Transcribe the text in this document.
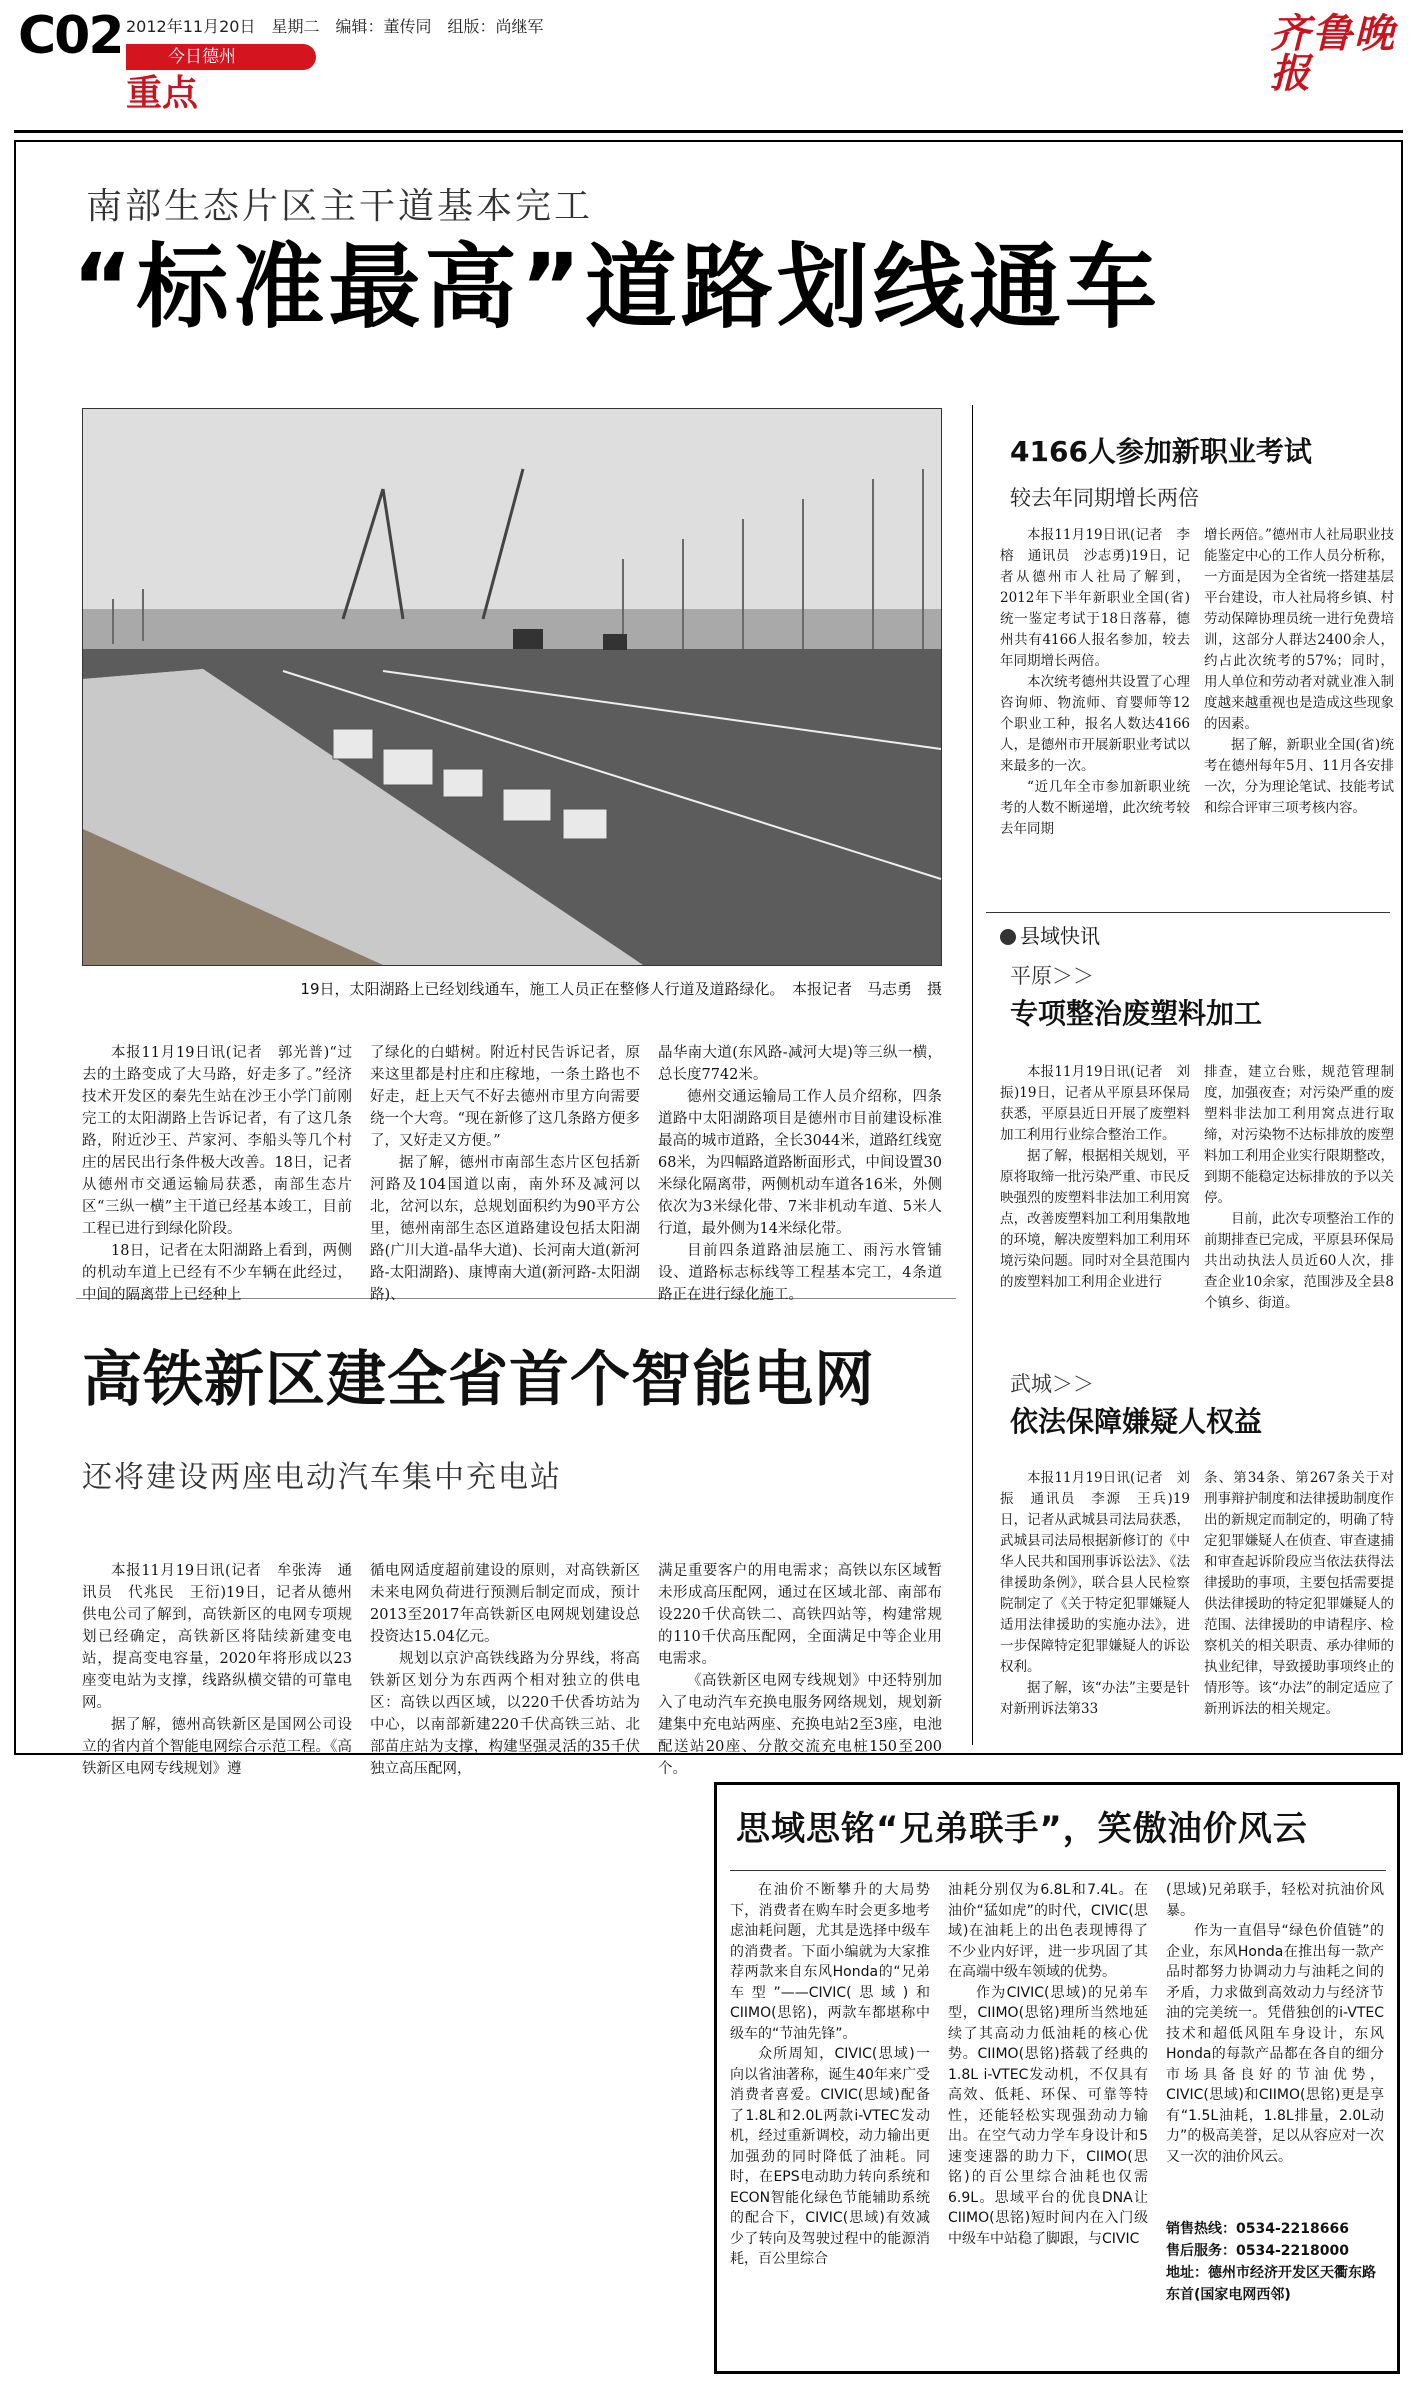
C02 2012年11月20日　星期二　编辑：董传同　组版：尚继军
今日德州
重点
齐鲁晚报
南部生态片区主干道基本完工
“标准最高”道路划线通车
19日，太阳湖路上已经划线通车，施工人员正在整修人行道及道路绿化。　本报记者　马志勇　摄

本报11月19日讯(记者　郭光普)“过去的土路变成了大马路，好走多了。”经济技术开发区的秦先生站在沙王小学门前刚完工的太阳湖路上告诉记者，有了这几条路，附近沙王、芦家河、李船头等几个村庄的居民出行条件极大改善。18日，记者从德州市交通运输局获悉，南部生态片区“三纵一横”主干道已经基本竣工，目前工程已进行到绿化阶段。

18日，记者在太阳湖路上看到，两侧的机动车道上已经有不少车辆在此经过，中间的隔离带上已经种上

了绿化的白蜡树。附近村民告诉记者，原来这里都是村庄和庄稼地，一条土路也不好走，赶上天气不好去德州市里方向需要绕一个大弯。“现在新修了这几条路方便多了，又好走又方便。”

据了解，德州市南部生态片区包括新河路及104国道以南，南外环及减河以北，岔河以东，总规划面积约为90平方公里，德州南部生态区道路建设包括太阳湖路(广川大道-晶华大道)、长河南大道(新河路-太阳湖路)、康博南大道(新河路-太阳湖路)、

晶华南大道(东风路-减河大堤)等三纵一横，总长度7742米。

德州交通运输局工作人员介绍称，四条道路中太阳湖路项目是德州市目前建设标准最高的城市道路，全长3044米，道路红线宽68米，为四幅路道路断面形式，中间设置30米绿化隔离带，两侧机动车道各16米，外侧依次为3米绿化带、7米非机动车道、5米人行道，最外侧为14米绿化带。

目前四条道路油层施工、雨污水管铺设、道路标志标线等工程基本完工，4条道路正在进行绿化施工。

高铁新区建全省首个智能电网
还将建设两座电动汽车集中充电站

本报11月19日讯(记者　牟张涛　通讯员　代兆民　王衍)19日，记者从德州供电公司了解到，高铁新区的电网专项规划已经确定，高铁新区将陆续新建变电站，提高变电容量，2020年将形成以23座变电站为支撑，线路纵横交错的可靠电网。

据了解，德州高铁新区是国网公司设立的省内首个智能电网综合示范工程。《高铁新区电网专线规划》遵

循电网适度超前建设的原则，对高铁新区未来电网负荷进行预测后制定而成，预计2013至2017年高铁新区电网规划建设总投资达15.04亿元。

规划以京沪高铁线路为分界线，将高铁新区划分为东西两个相对独立的供电区：高铁以西区域，以220千伏香坊站为中心，以南部新建220千伏高铁三站、北部苗庄站为支撑，构建坚强灵活的35千伏独立高压配网，

满足重要客户的用电需求；高铁以东区域暂未形成高压配网，通过在区域北部、南部布设220千伏高铁二、高铁四站等，构建常规的110千伏高压配网，全面满足中等企业用电需求。

《高铁新区电网专线规划》中还特别加入了电动汽车充换电服务网络规划，规划新建集中充电站两座、充换电站2至3座，电池配送站20座、分散交流充电桩150至200个。

4166人参加新职业考试
较去年同期增长两倍

本报11月19日讯(记者　李榕　通讯员　沙志勇)19日，记者从德州市人社局了解到，2012年下半年新职业全国(省)统一鉴定考试于18日落幕，德州共有4166人报名参加，较去年同期增长两倍。

本次统考德州共设置了心理咨询师、物流师、育婴师等12个职业工种，报名人数达4166人，是德州市开展新职业考试以来最多的一次。

“近几年全市参加新职业统考的人数不断递增，此次统考较去年同期

增长两倍。”德州市人社局职业技能鉴定中心的工作人员分析称，一方面是因为全省统一搭建基层平台建设，市人社局将乡镇、村劳动保障协理员统一进行免费培训，这部分人群达2400余人，约占此次统考的57%；同时，用人单位和劳动者对就业准入制度越来越重视也是造成这些现象的因素。

据了解，新职业全国(省)统考在德州每年5月、11月各安排一次，分为理论笔试、技能考试和综合评审三项考核内容。

县域快讯
平原＞＞
专项整治废塑料加工

本报11月19日讯(记者　刘振)19日，记者从平原县环保局获悉，平原县近日开展了废塑料加工利用行业综合整治工作。

据了解，根据相关规划，平原将取缔一批污染严重、市民反映强烈的废塑料非法加工利用窝点，改善废塑料加工利用集散地的环境，解决废塑料加工利用环境污染问题。同时对全县范围内的废塑料加工利用企业进行

排查，建立台账，规范管理制度，加强夜查；对污染严重的废塑料非法加工利用窝点进行取缔，对污染物不达标排放的废塑料加工利用企业实行限期整改，到期不能稳定达标排放的予以关停。

目前，此次专项整治工作的前期排查已完成，平原县环保局共出动执法人员近60人次，排查企业10余家，范围涉及全县8个镇乡、街道。

武城＞＞
依法保障嫌疑人权益

本报11月19日讯(记者　刘振　通讯员　李源　王兵)19日，记者从武城县司法局获悉，武城县司法局根据新修订的《中华人民共和国刑事诉讼法》、《法律援助条例》，联合县人民检察院制定了《关于特定犯罪嫌疑人适用法律援助的实施办法》，进一步保障特定犯罪嫌疑人的诉讼权利。

据了解，该“办法”主要是针对新刑诉法第33

条、第34条、第267条关于对刑事辩护制度和法律援助制度作出的新规定而制定的，明确了特定犯罪嫌疑人在侦查、审查逮捕和审查起诉阶段应当依法获得法律援助的事项，主要包括需要提供法律援助的特定犯罪嫌疑人的范围、法律援助的申请程序、检察机关的相关职责、承办律师的执业纪律，导致援助事项终止的情形等。该“办法”的制定适应了新刑诉法的相关规定。

思域思铭“兄弟联手”，笑傲油价风云

在油价不断攀升的大局势下，消费者在购车时会更多地考虑油耗问题，尤其是选择中级车的消费者。下面小编就为大家推荐两款来自东风Honda的“兄弟车型”——CIVIC(思域)和CIIMO(思铭)，两款车都堪称中级车的“节油先锋”。

众所周知，CIVIC(思域)一向以省油著称，诞生40年来广受消费者喜爱。CIVIC(思域)配备了1.8L和2.0L两款i-VTEC发动机，经过重新调校，动力输出更加强劲的同时降低了油耗。同时，在EPS电动助力转向系统和ECON智能化绿色节能辅助系统的配合下，CIVIC(思域)有效减少了转向及驾驶过程中的能源消耗，百公里综合

油耗分别仅为6.8L和7.4L。在油价“猛如虎”的时代，CIVIC(思域)在油耗上的出色表现博得了不少业内好评，进一步巩固了其在高端中级车领域的优势。

作为CIVIC(思域)的兄弟车型，CIIMO(思铭)理所当然地延续了其高动力低油耗的核心优势。CIIMO(思铭)搭载了经典的1.8L i-VTEC发动机，不仅具有高效、低耗、环保、可靠等特性，还能轻松实现强劲动力输出。在空气动力学车身设计和5速变速器的助力下，CIIMO(思铭)的百公里综合油耗也仅需6.9L。思域平台的优良DNA让CIIMO(思铭)短时间内在入门级中级车中站稳了脚跟，与CIVIC

(思域)兄弟联手，轻松对抗油价风暴。

作为一直倡导“绿色价值链”的企业，东风Honda在推出每一款产品时都努力协调动力与油耗之间的矛盾，力求做到高效动力与经济节油的完美统一。凭借独创的i-VTEC技术和超低风阻车身设计，东风Honda的每款产品都在各自的细分市场具备良好的节油优势，CIVIC(思域)和CIIMO(思铭)更是享有“1.5L油耗，1.8L排量，2.0L动力”的极高美誉，足以从容应对一次又一次的油价风云。

销售热线：0534-2218666
售后服务：0534-2218000
地址：德州市经济开发区天衢东路东首(国家电网西邻)
